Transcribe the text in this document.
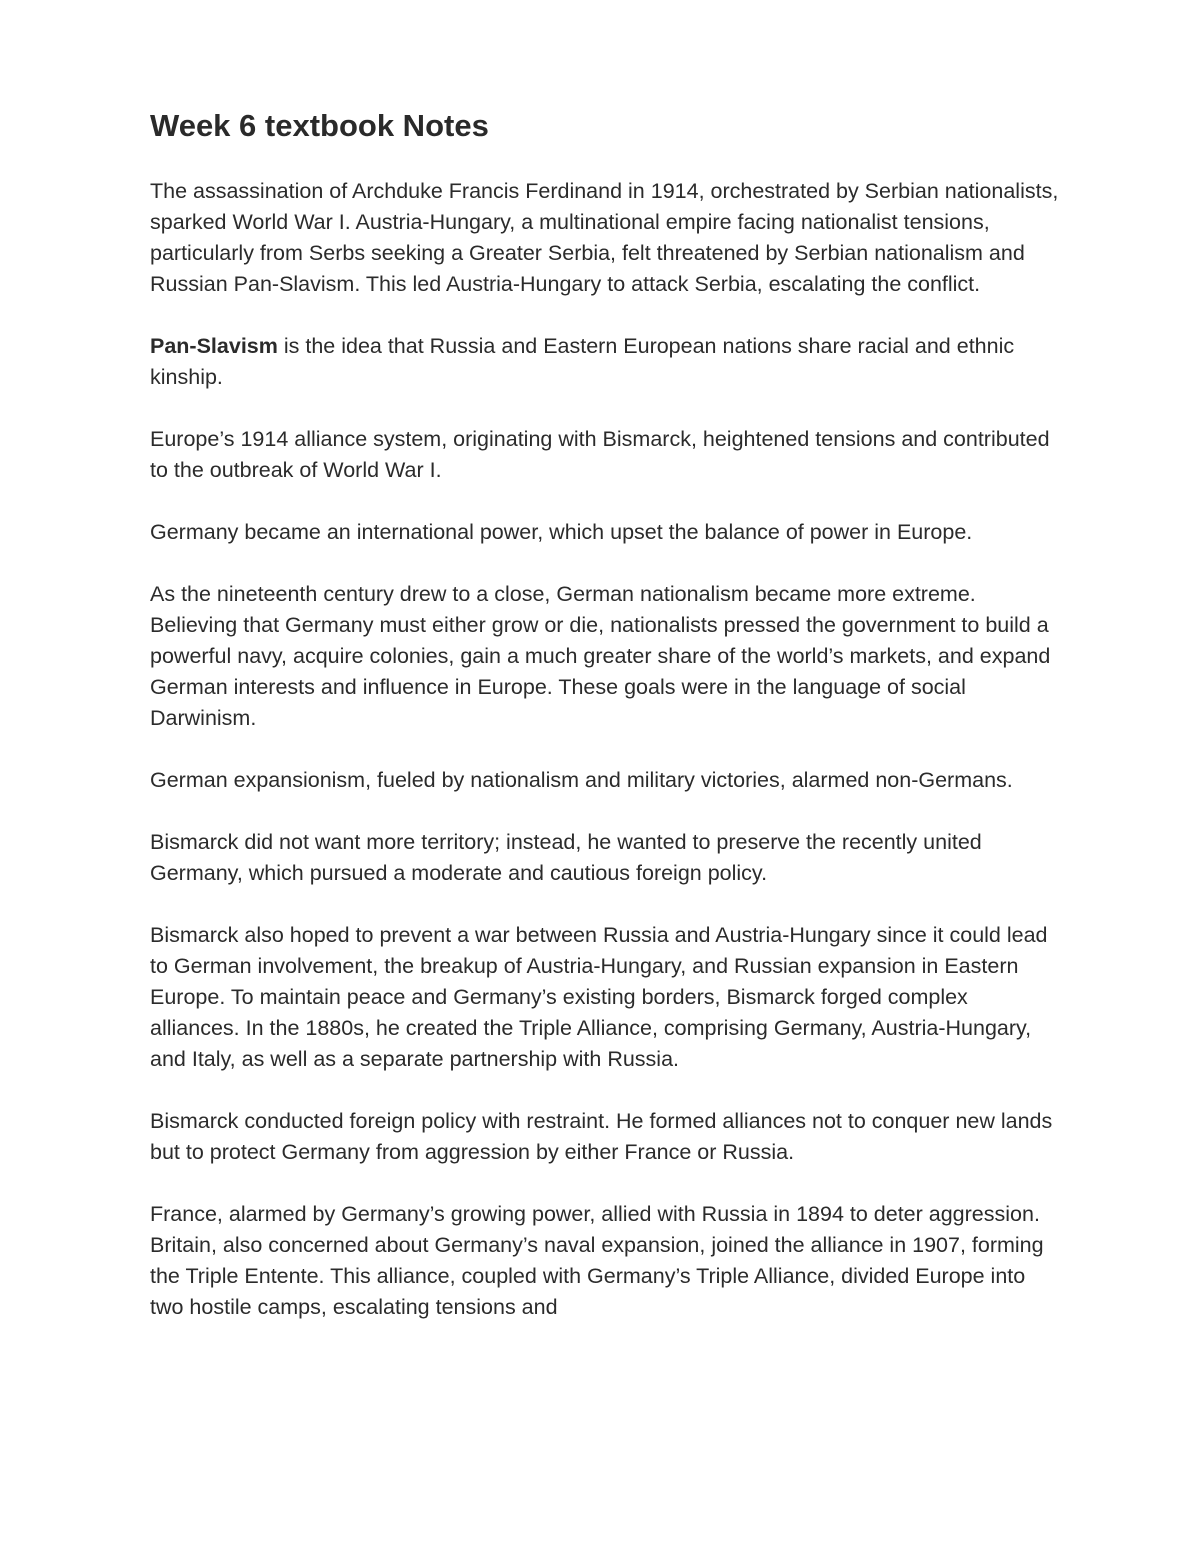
Week 6 textbook Notes

The assassination of Archduke Francis Ferdinand in 1914, orchestrated by Serbian nationalists, sparked World War I. Austria-Hungary, a multinational empire facing nationalist tensions, particularly from Serbs seeking a Greater Serbia, felt threatened by Serbian nationalism and Russian Pan-Slavism. This led Austria-Hungary to attack Serbia, escalating the conflict.

Pan-Slavism is the idea that Russia and Eastern European nations share racial and ethnic kinship.

Europe’s 1914 alliance system, originating with Bismarck, heightened tensions and contributed to the outbreak of World War I.

Germany became an international power, which upset the balance of power in Europe.

As the nineteenth century drew to a close, German nationalism became more extreme. Believing that Germany must either grow or die, nationalists pressed the government to build a powerful navy, acquire colonies, gain a much greater share of the world’s markets, and expand German interests and influence in Europe. These goals were in the language of social Darwinism.

German expansionism, fueled by nationalism and military victories, alarmed non-Germans.

Bismarck did not want more territory; instead, he wanted to preserve the recently united Germany, which pursued a moderate and cautious foreign policy.

Bismarck also hoped to prevent a war between Russia and Austria-Hungary since it could lead to German involvement, the breakup of Austria-Hungary, and Russian expansion in Eastern Europe. To maintain peace and Germany’s existing borders, Bismarck forged complex alliances. In the 1880s, he created the Triple Alliance, comprising Germany, Austria-Hungary, and Italy, as well as a separate partnership with Russia.

Bismarck conducted foreign policy with restraint. He formed alliances not to conquer new lands but to protect Germany from aggression by either France or Russia.

France, alarmed by Germany’s growing power, allied with Russia in 1894 to deter aggression. Britain, also concerned about Germany’s naval expansion, joined the alliance in 1907, forming the Triple Entente. This alliance, coupled with Germany’s Triple Alliance, divided Europe into two hostile camps, escalating tensions and
